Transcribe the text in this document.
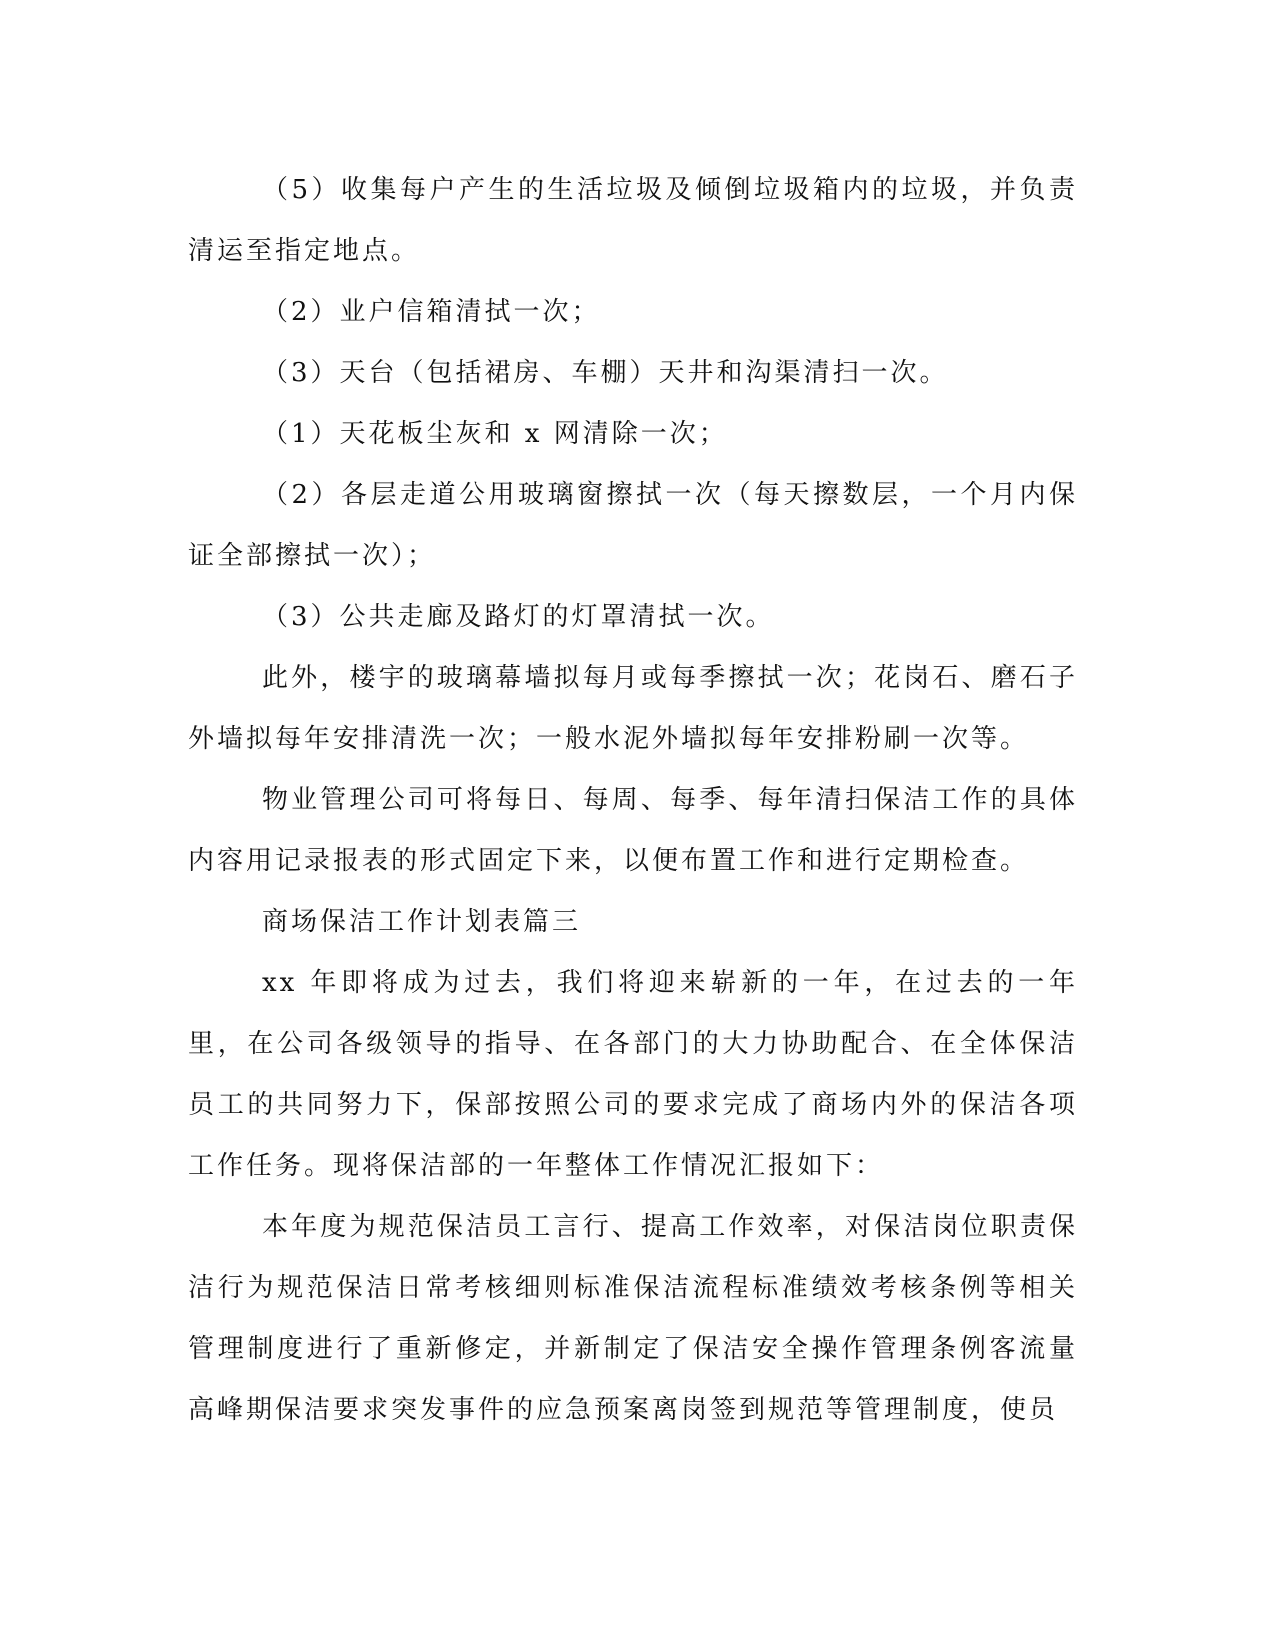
（5）收集每户产生的生活垃圾及倾倒垃圾箱内的垃圾，并负责清运至指定地点。

（2）业户信箱清拭一次；

（3）天台（包括裙房、车棚）天井和沟渠清扫一次。

（1）天花板尘灰和 x 网清除一次；

（2）各层走道公用玻璃窗擦拭一次（每天擦数层，一个月内保证全部擦拭一次）；

（3）公共走廊及路灯的灯罩清拭一次。

此外，楼宇的玻璃幕墙拟每月或每季擦拭一次；花岗石、磨石子外墙拟每年安排清洗一次；一般水泥外墙拟每年安排粉刷一次等。

物业管理公司可将每日、每周、每季、每年清扫保洁工作的具体内容用记录报表的形式固定下来，以便布置工作和进行定期检查。

商场保洁工作计划表篇三

xx 年即将成为过去，我们将迎来崭新的一年，在过去的一年里，在公司各级领导的指导、在各部门的大力协助配合、在全体保洁员工的共同努力下，保部按照公司的要求完成了商场内外的保洁各项工作任务。现将保洁部的一年整体工作情况汇报如下：

本年度为规范保洁员工言行、提高工作效率，对保洁岗位职责保洁行为规范保洁日常考核细则标准保洁流程标准绩效考核条例等相关管理制度进行了重新修定，并新制定了保洁安全操作管理条例客流量高峰期保洁要求突发事件的应急预案离岗签到规范等管理制度，使员
